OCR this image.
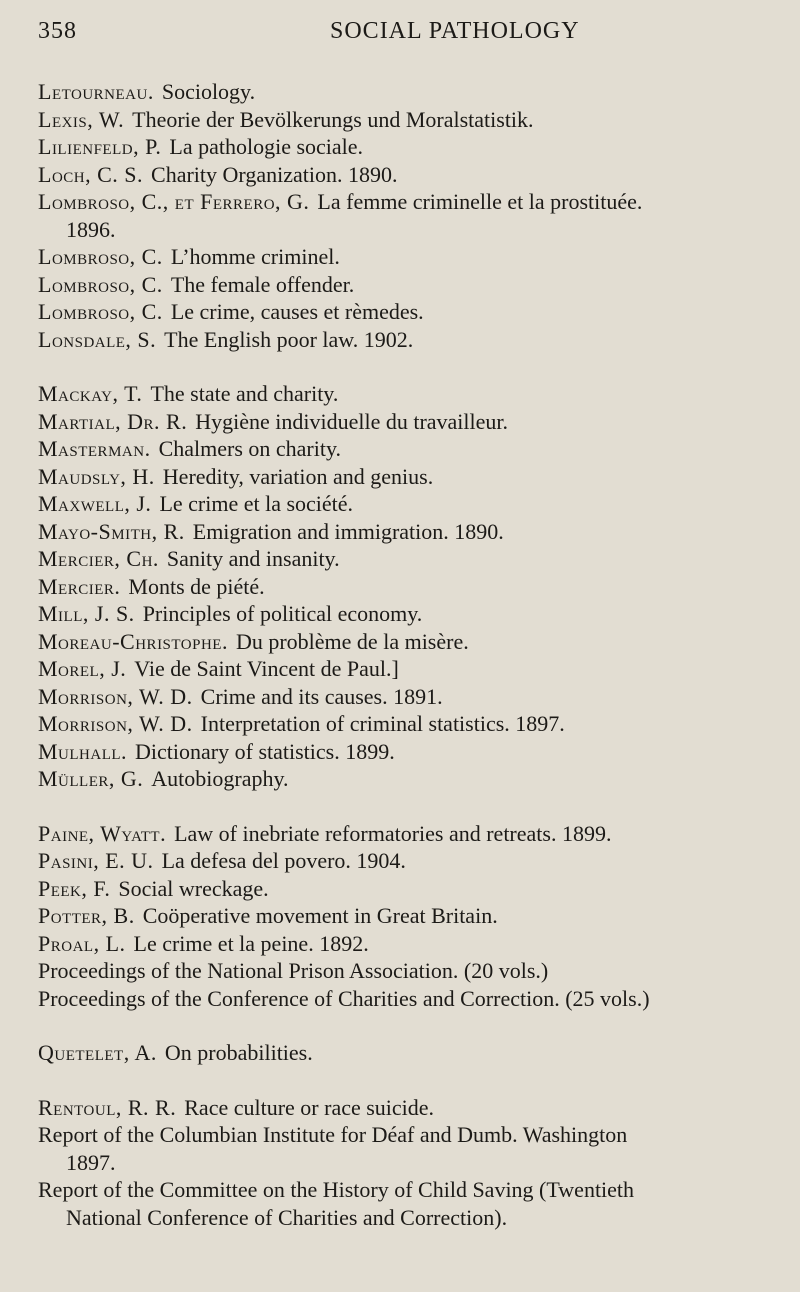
358	SOCIAL PATHOLOGY
Letourneau. Sociology.
Lexis, W. Theorie der Bevölkerungs und Moralstatistik.
Lilienfeld, P. La pathologie sociale.
Loch, C. S. Charity Organization. 1890.
Lombroso, C., et Ferrero, G. La femme criminelle et la prostituée.
1896.
Lombroso, C. L’homme criminel.
Lombroso, C. The female offender.
Lombroso, C. Le crime, causes et rèmedes.
Lonsdale, S. The English poor law. 1902.
Mackay, T. The state and charity.
Martial, Dr. R. Hygiène individuelle du travailleur.
Masterman. Chalmers on charity.
Maudsly, H. Heredity, variation and genius.
Maxwell, J. Le crime et la société.
Mayo-Smith, R. Emigration and immigration. 1890.
Mercier, Ch. Sanity and insanity.
Mercier. Monts de piété.
Mill, J. S. Principles of political economy.
Moreau-Christophe. Du problème de la misère.
Morel, J. Vie de Saint Vincent de Paul.]
Morrison, W. D. Crime and its causes. 1891.
Morrison, W. D. Interpretation of criminal statistics. 1897.
Mulhall. Dictionary of statistics. 1899.
Müller, G. Autobiography.
Paine, Wyatt. Law of inebriate reformatories and retreats. 1899.
Pasini, E. U. La defesa del povero. 1904.
Peek, F. Social wreckage.
Potter, B. Coöperative movement in Great Britain.
Proal, L. Le crime et la peine. 1892.
Proceedings of the National Prison Association. (20 vols.)
Proceedings of the Conference of Charities and Correction. (25 vols.)
Quetelet, A. On probabilities.
Rentoul, R. R. Race culture or race suicide.
Report of the Columbian Institute for Déaf and Dumb. Washington
1897.
Report of the Committee on the History of Child Saving (Twentieth
National Conference of Charities and Correction).
